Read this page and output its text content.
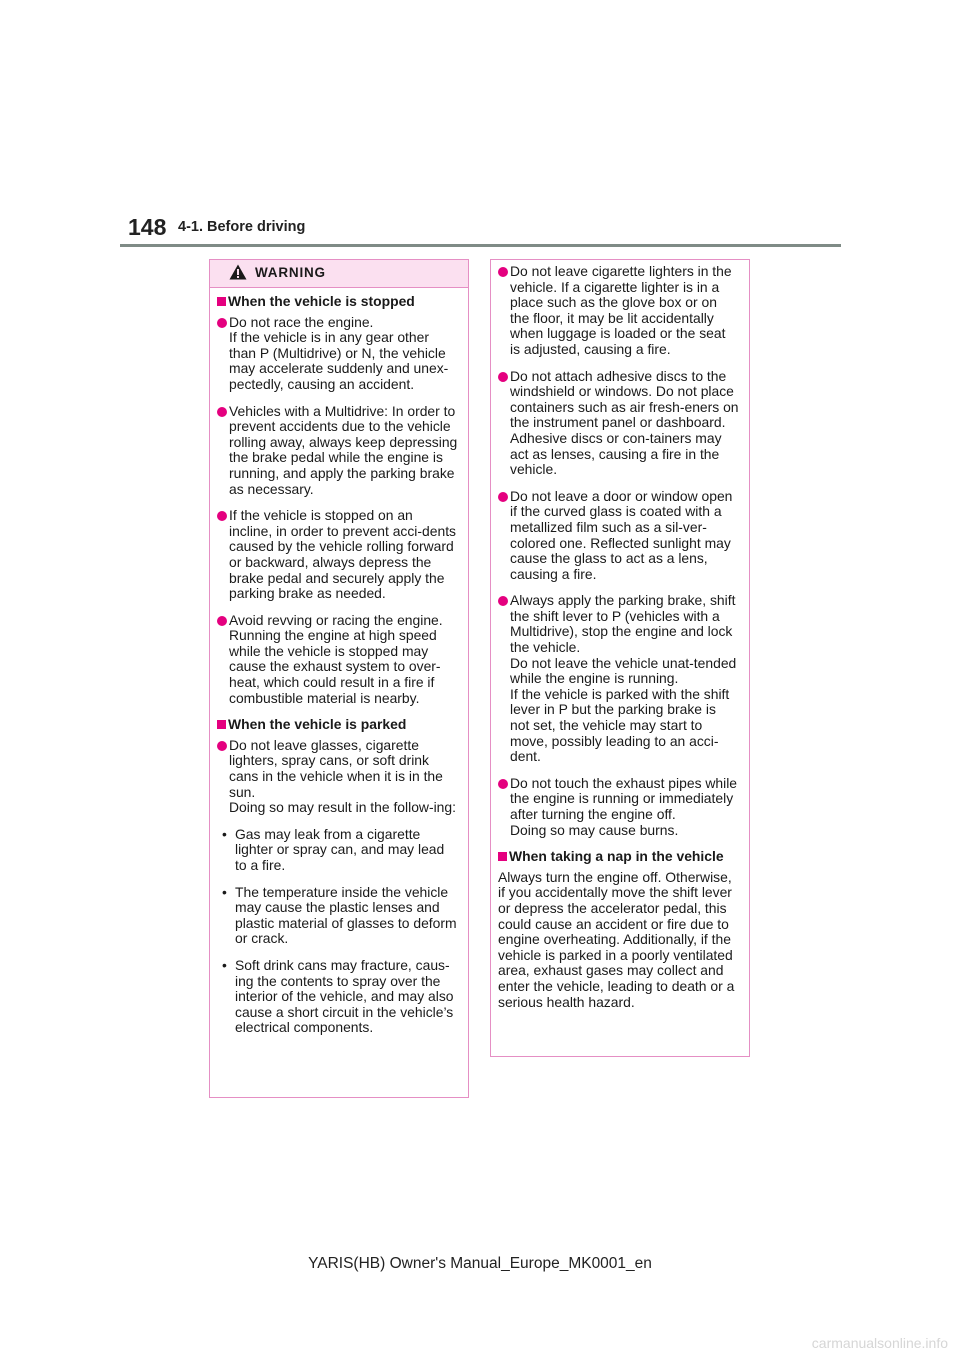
148 4-1. Before driving
WARNING
When the vehicle is stopped
Do not race the engine.
If the vehicle is in any gear other than P (Multidrive) or N, the vehicle may accelerate suddenly and unex-pectedly, causing an accident.
Vehicles with a Multidrive: In order to prevent accidents due to the vehicle rolling away, always keep depressing the brake pedal while the engine is running, and apply the parking brake as necessary.
If the vehicle is stopped on an incline, in order to prevent acci-dents caused by the vehicle rolling forward or backward, always depress the brake pedal and securely apply the parking brake as needed.
Avoid revving or racing the engine. Running the engine at high speed while the vehicle is stopped may cause the exhaust system to over-heat, which could result in a fire if combustible material is nearby.
When the vehicle is parked
Do not leave glasses, cigarette lighters, spray cans, or soft drink cans in the vehicle when it is in the sun.
Doing so may result in the follow-ing:
• Gas may leak from a cigarette lighter or spray can, and may lead to a fire.
• The temperature inside the vehicle may cause the plastic lenses and plastic material of glasses to deform or crack.
• Soft drink cans may fracture, caus-ing the contents to spray over the interior of the vehicle, and may also cause a short circuit in the vehicle’s electrical components.
Do not leave cigarette lighters in the vehicle. If a cigarette lighter is in a place such as the glove box or on the floor, it may be lit accidentally when luggage is loaded or the seat is adjusted, causing a fire.
Do not attach adhesive discs to the windshield or windows. Do not place containers such as air fresh-eners on the instrument panel or dashboard. Adhesive discs or con-tainers may act as lenses, causing a fire in the vehicle.
Do not leave a door or window open if the curved glass is coated with a metallized film such as a sil-ver-colored one. Reflected sunlight may cause the glass to act as a lens, causing a fire.
Always apply the parking brake, shift the shift lever to P (vehicles with a Multidrive), stop the engine and lock the vehicle.
Do not leave the vehicle unat-tended while the engine is running.
If the vehicle is parked with the shift lever in P but the parking brake is not set, the vehicle may start to move, possibly leading to an acci-dent.
Do not touch the exhaust pipes while the engine is running or immediately after turning the engine off.
Doing so may cause burns.
When taking a nap in the vehicle

Always turn the engine off. Otherwise, if you accidentally move the shift lever or depress the accelerator pedal, this could cause an accident or fire due to engine overheating. Additionally, if the vehicle is parked in a poorly ventilated area, exhaust gases may collect and enter the vehicle, leading to death or a serious health hazard.

YARIS(HB) Owner's Manual_Europe_MK0001_en
carmanualsonline.info
